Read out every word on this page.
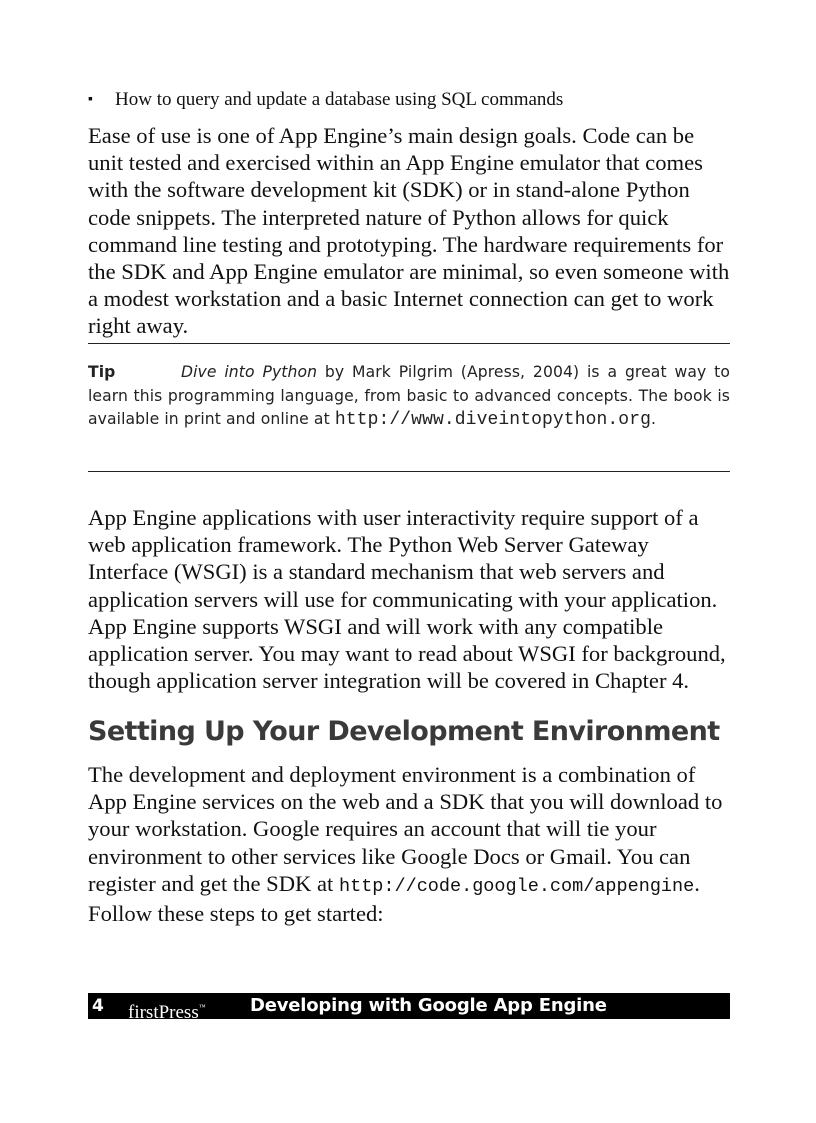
▪ How to query and update a database using SQL commands

Ease of use is one of App Engine’s main design goals. Code can be unit tested and exercised within an App Engine emulator that comes with the software development kit (SDK) or in stand-alone Python code snippets. The interpreted nature of Python allows for quick command line testing and prototyping. The hardware requirements for the SDK and App Engine emulator are minimal, so even someone with a modest workstation and a basic Internet connection can get to work right away.

Tip	Dive into Python by Mark Pilgrim (Apress, 2004) is a great way to learn this programming language, from basic to advanced concepts. The book is available in print and online at http://www.diveintopython.org.

App Engine applications with user interactivity require support of a web application framework. The Python Web Server Gateway Interface (WSGI) is a standard mechanism that web servers and application servers will use for communicating with your application. App Engine supports WSGI and will work with any compatible application server. You may want to read about WSGI for background, though application server integration will be covered in Chapter 4.

Setting Up Your Development Environment

The development and deployment environment is a combination of App Engine services on the web and a SDK that you will download to your workstation. Google requires an account that will tie your environment to other services like Google Docs or Gmail. You can register and get the SDK at http://code.google.com/appengine. Follow these steps to get started:

4 firstPress™ Developing with Google App Engine
